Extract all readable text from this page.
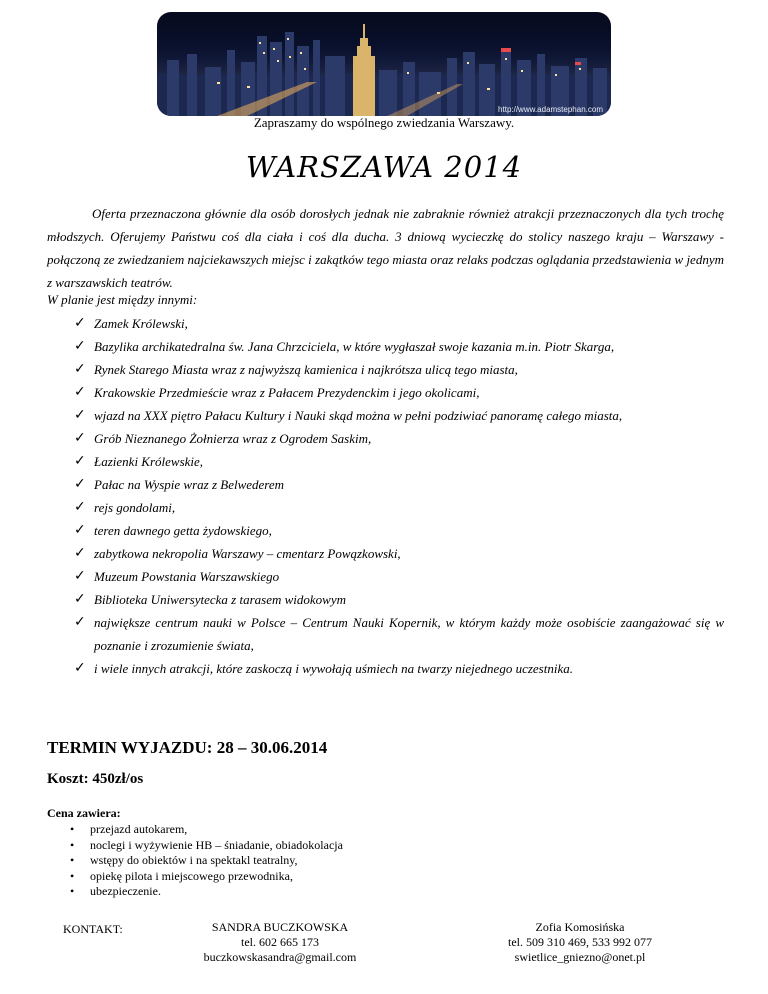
http://www.adamstephan.com
Zapraszamy do wspólnego zwiedzania Warszawy.
WARSZAWA 2014

Oferta przeznaczona głównie dla osób dorosłych jednak nie zabraknie również atrakcji przeznaczonych dla tych trochę młodszych. Oferujemy Państwu coś dla ciała i coś dla ducha. 3 dniową wycieczkę do stolicy naszego kraju – Warszawy - połączoną ze zwiedzaniem najciekawszych miejsc i zakątków tego miasta oraz relaks podczas oglądania przedstawienia w jednym z warszawskich teatrów.

W planie jest między innymi:
✓ Zamek Królewski,
✓ Bazylika archikatedralna św. Jana Chrzciciela, w które wygłaszał swoje kazania m.in. Piotr Skarga,
✓ Rynek Starego Miasta wraz z najwyższą kamienica i najkrótsza ulicą tego miasta,
✓ Krakowskie Przedmieście wraz z Pałacem Prezydenckim i jego okolicami,
✓ wjazd na XXX piętro Pałacu Kultury i Nauki skąd można w pełni podziwiać panoramę całego miasta,
✓ Grób Nieznanego Żołnierza wraz z Ogrodem Saskim,
✓ Łazienki Królewskie,
✓ Pałac na Wyspie wraz z Belwederem
✓ rejs gondolami,
✓ teren dawnego getta żydowskiego,
✓ zabytkowa nekropolia Warszawy – cmentarz Powązkowski,
✓ Muzeum Powstania Warszawskiego
✓ Biblioteka Uniwersytecka z tarasem widokowym
✓ największe centrum nauki w Polsce – Centrum Nauki Kopernik, w którym każdy może osobiście zaangażować się w poznanie i zrozumienie świata,
✓ i wiele innych atrakcji, które zaskoczą i wywołają uśmiech na twarzy niejednego uczestnika.
TERMIN WYJAZDU: 28 – 30.06.2014
Koszt: 450zł/os
Cena zawiera:
• przejazd autokarem,
• noclegi i wyżywienie HB – śniadanie, obiadokolacja
• wstępy do obiektów i na spektakl teatralny,
• opiekę pilota i miejscowego przewodnika,
• ubezpieczenie.
KONTAKT:	SANDRA BUCZKOWSKA
tel. 602 665 173
buczkowskasandra@gmail.com
Zofia Komosińska
tel. 509 310 469, 533 992 077
swietlice_gniezno@onet.pl
